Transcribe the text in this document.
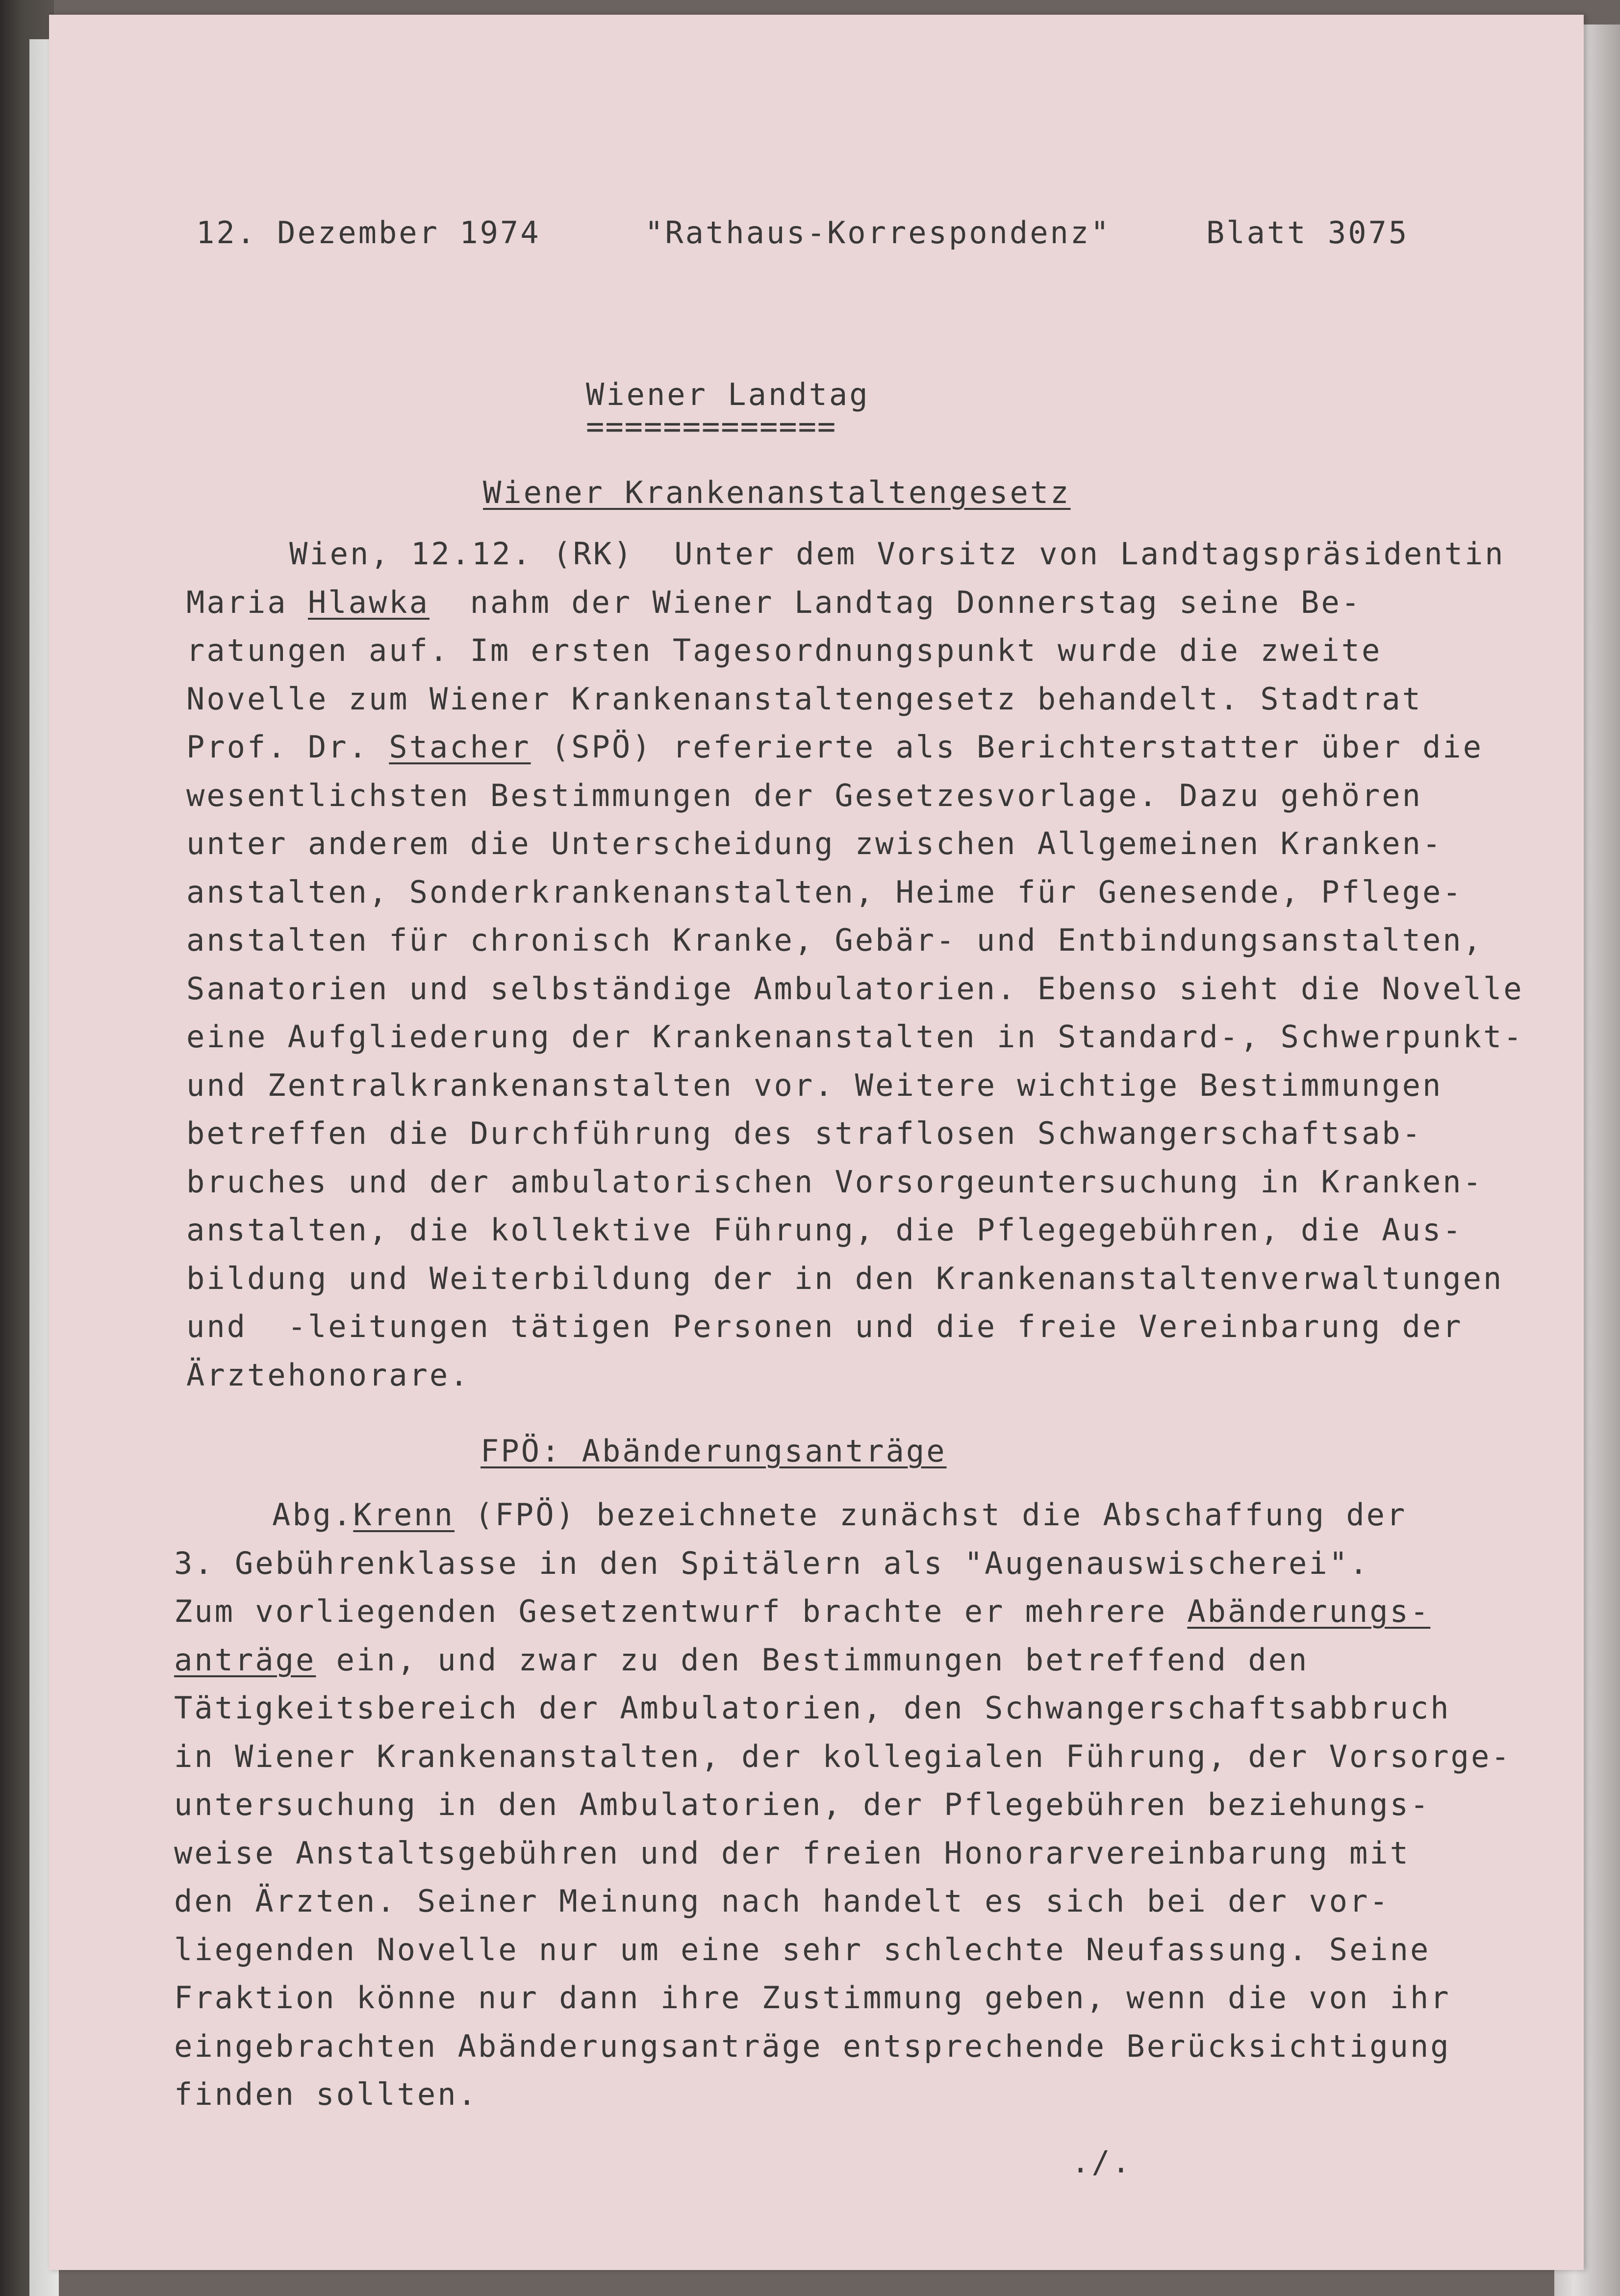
12. Dezember 1974	"Rathaus-Korrespondenz"	Blatt 3075
Wiener Landtag
=============
Wiener Krankenanstaltengesetz
Wien, 12.12. (RK)  Unter dem Vorsitz von Landtagspräsidentin
Maria Hlawka  nahm der Wiener Landtag Donnerstag seine Be-
ratungen auf. Im ersten Tagesordnungspunkt wurde die zweite
Novelle zum Wiener Krankenanstaltengesetz behandelt. Stadtrat
Prof. Dr. Stacher (SPÖ) referierte als Berichterstatter über die
wesentlichsten Bestimmungen der Gesetzesvorlage. Dazu gehören
unter anderem die Unterscheidung zwischen Allgemeinen Kranken-
anstalten, Sonderkrankenanstalten, Heime für Genesende, Pflege-
anstalten für chronisch Kranke, Gebär- und Entbindungsanstalten,
Sanatorien und selbständige Ambulatorien. Ebenso sieht die Novelle
eine Aufgliederung der Krankenanstalten in Standard-, Schwerpunkt-
und Zentralkrankenanstalten vor. Weitere wichtige Bestimmungen
betreffen die Durchführung des straflosen Schwangerschaftsab-
bruches und der ambulatorischen Vorsorgeuntersuchung in Kranken-
anstalten, die kollektive Führung, die Pflegegebühren, die Aus-
bildung und Weiterbildung der in den Krankenanstaltenverwaltungen
und  -leitungen tätigen Personen und die freie Vereinbarung der
Ärztehonorare.
FPÖ: Abänderungsanträge
Abg.Krenn (FPÖ) bezeichnete zunächst die Abschaffung der
3. Gebührenklasse in den Spitälern als "Augenauswischerei".
Zum vorliegenden Gesetzentwurf brachte er mehrere Abänderungs-
anträge ein, und zwar zu den Bestimmungen betreffend den
Tätigkeitsbereich der Ambulatorien, den Schwangerschaftsabbruch
in Wiener Krankenanstalten, der kollegialen Führung, der Vorsorge-
untersuchung in den Ambulatorien, der Pflegebühren beziehungs-
weise Anstaltsgebühren und der freien Honorarvereinbarung mit
den Ärzten. Seiner Meinung nach handelt es sich bei der vor-
liegenden Novelle nur um eine sehr schlechte Neufassung. Seine
Fraktion könne nur dann ihre Zustimmung geben, wenn die von ihr
eingebrachten Abänderungsanträge entsprechende Berücksichtigung
finden sollten.
./.
